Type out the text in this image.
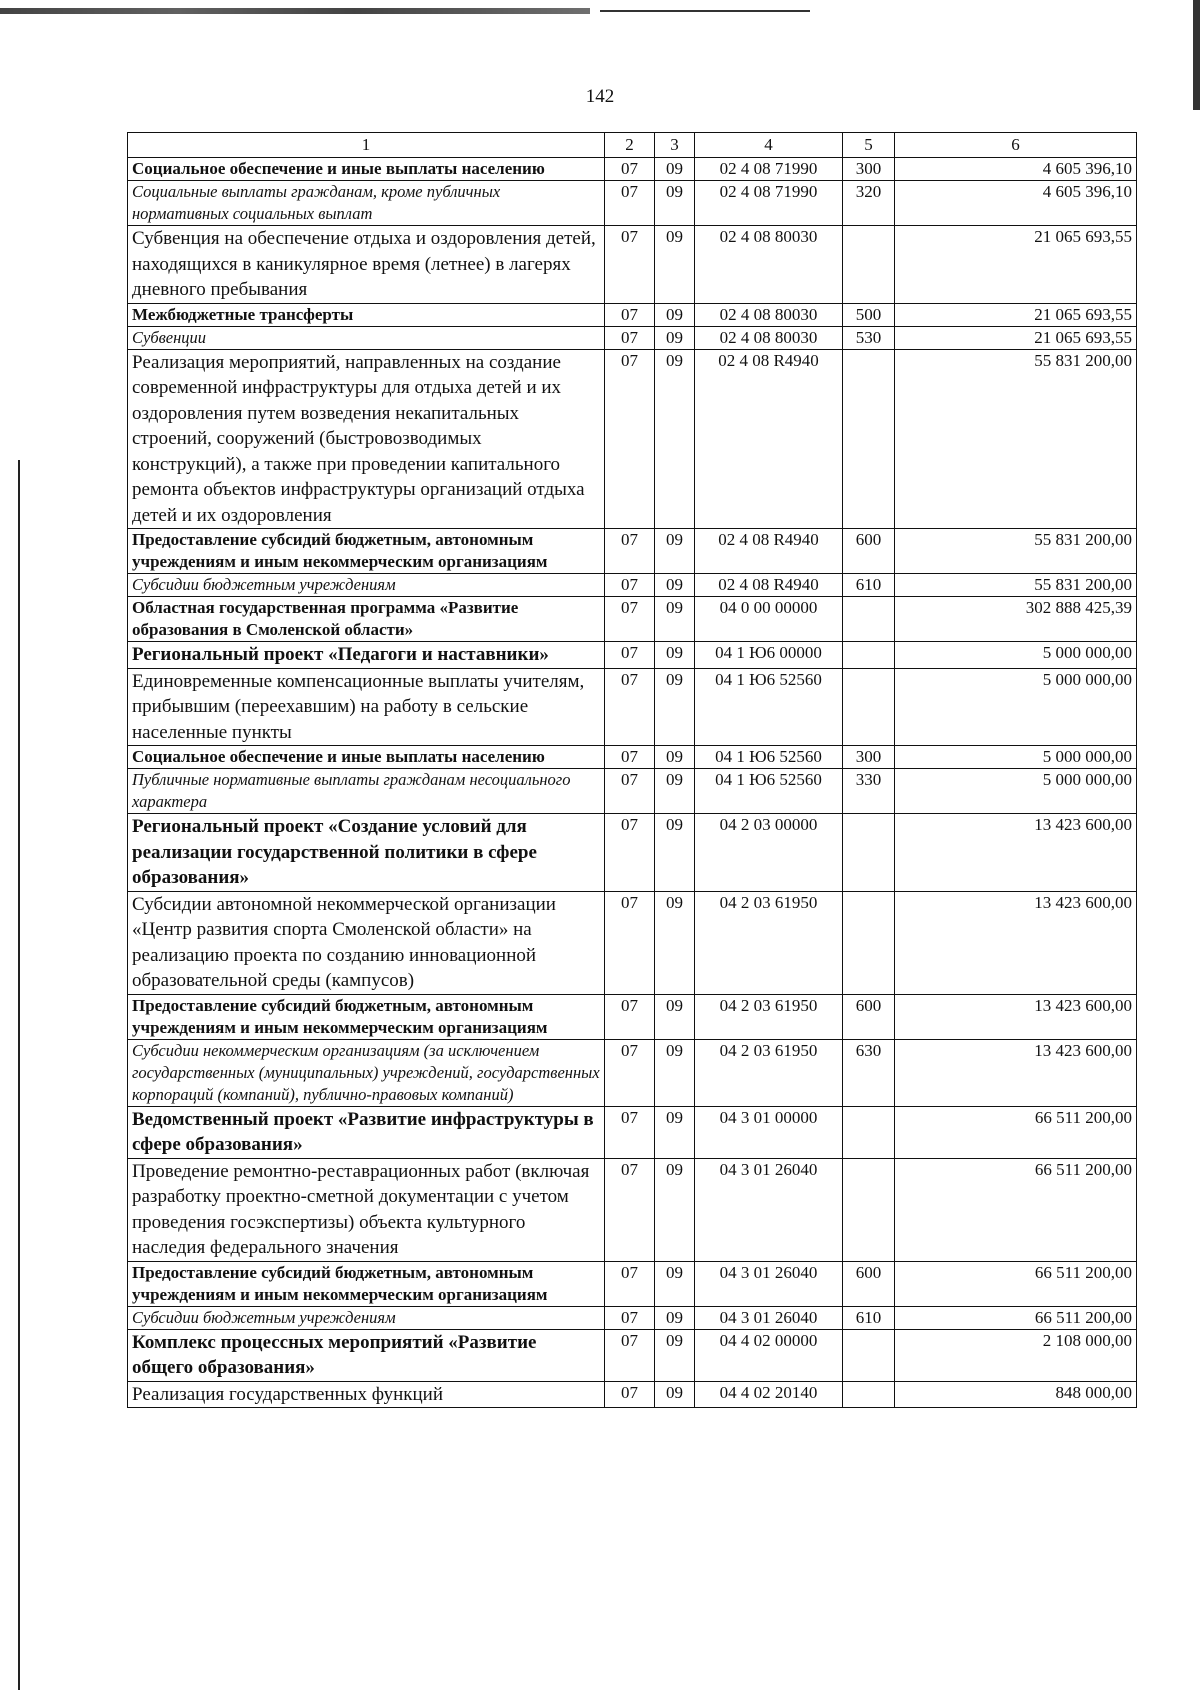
142
1	2	3	4	5	6
Социальное обеспечение и иные выплаты населению	07	09	02 4 08 71990	300	4 605 396,10
Социальные выплаты гражданам, кроме публичных нормативных социальных выплат	07	09	02 4 08 71990	320	4 605 396,10
Субвенция на обеспечение отдыха и оздоровления детей, находящихся в каникулярное время (летнее) в лагерях дневного пребывания	07	09	02 4 08 80030		21 065 693,55
Межбюджетные трансферты	07	09	02 4 08 80030	500	21 065 693,55
Субвенции	07	09	02 4 08 80030	530	21 065 693,55
Реализация мероприятий, направленных на создание современной инфраструктуры для отдыха детей и их оздоровления путем возведения некапитальных строений, сооружений (быстровозводимых конструкций), а также при проведении капитального ремонта объектов инфраструктуры организаций отдыха детей и их оздоровления	07	09	02 4 08 R4940		55 831 200,00
Предоставление субсидий бюджетным, автономным учреждениям и иным некоммерческим организациям	07	09	02 4 08 R4940	600	55 831 200,00
Субсидии бюджетным учреждениям	07	09	02 4 08 R4940	610	55 831 200,00
Областная государственная программа «Развитие образования в Смоленской области»	07	09	04 0 00 00000		302 888 425,39
Региональный проект «Педагоги и наставники»	07	09	04 1 Ю6 00000		5 000 000,00
Единовременные компенсационные выплаты учителям, прибывшим (переехавшим) на работу в сельские населенные пункты	07	09	04 1 Ю6 52560		5 000 000,00
Социальное обеспечение и иные выплаты населению	07	09	04 1 Ю6 52560	300	5 000 000,00
Публичные нормативные выплаты гражданам несоциального характера	07	09	04 1 Ю6 52560	330	5 000 000,00
Региональный проект «Создание условий для реализации государственной политики в сфере образования»	07	09	04 2 03 00000		13 423 600,00
Субсидии автономной некоммерческой организации «Центр развития спорта Смоленской области» на реализацию проекта по созданию инновационной образовательной среды (кампусов)	07	09	04 2 03 61950		13 423 600,00
Предоставление субсидий бюджетным, автономным учреждениям и иным некоммерческим организациям	07	09	04 2 03 61950	600	13 423 600,00
Субсидии некоммерческим организациям (за исключением государственных (муниципальных) учреждений, государственных корпораций (компаний), публично-правовых компаний)	07	09	04 2 03 61950	630	13 423 600,00
Ведомственный проект «Развитие инфраструктуры в сфере образования»	07	09	04 3 01 00000		66 511 200,00
Проведение ремонтно-реставрационных работ (включая разработку проектно-сметной документации с учетом проведения госэкспертизы) объекта культурного наследия федерального значения	07	09	04 3 01 26040		66 511 200,00
Предоставление субсидий бюджетным, автономным учреждениям и иным некоммерческим организациям	07	09	04 3 01 26040	600	66 511 200,00
Субсидии бюджетным учреждениям	07	09	04 3 01 26040	610	66 511 200,00
Комплекс процессных мероприятий «Развитие общего образования»	07	09	04 4 02 00000		2 108 000,00
Реализация государственных функций	07	09	04 4 02 20140		848 000,00
